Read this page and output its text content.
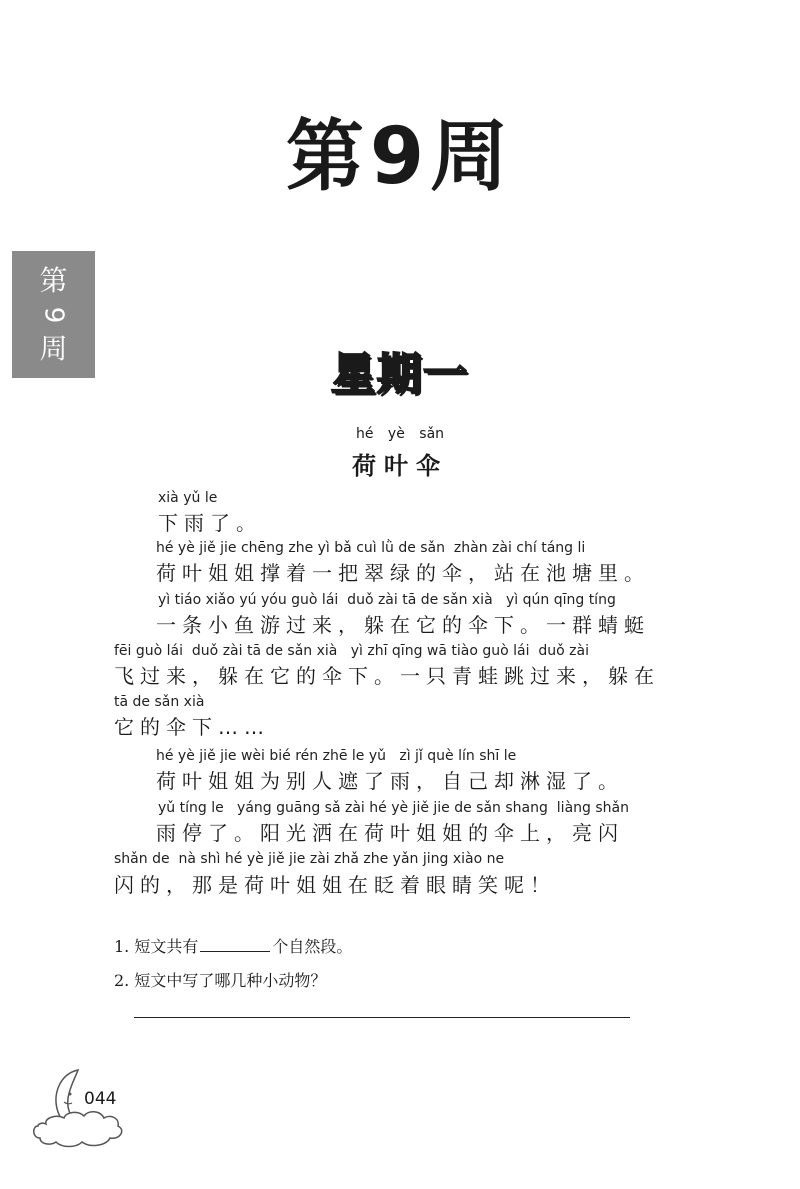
第9周
第
9
周
星期一
hé yè sǎn
荷叶伞
xià yǔ le
下雨了。
hé yè jiě jie chēng zhe yì bǎ cuì lǜ de sǎn  zhàn zài chí táng li
荷叶姐姐撑着一把翠绿的伞，站在池塘里。
yì tiáo xiǎo yú yóu guò lái  duǒ zài tā de sǎn xià   yì qún qīng tíng
一条小鱼游过来，躲在它的伞下。一群蜻蜓
fēi guò lái  duǒ zài tā de sǎn xià   yì zhī qīng wā tiào guò lái  duǒ zài
飞过来，躲在它的伞下。一只青蛙跳过来，躲在
tā de sǎn xià
它的伞下……
hé yè jiě jie wèi bié rén zhē le yǔ   zì jǐ què lín shī le
荷叶姐姐为别人遮了雨，自己却淋湿了。
yǔ tíng le   yáng guāng sǎ zài hé yè jiě jie de sǎn shang  liàng shǎn
雨停了。阳光洒在荷叶姐姐的伞上，亮闪
shǎn de  nà shì hé yè jiě jie zài zhǎ zhe yǎn jing xiào ne
闪的，那是荷叶姐姐在眨着眼睛笑呢！
1. 短文共有	个自然段。
2. 短文中写了哪几种小动物？
044
